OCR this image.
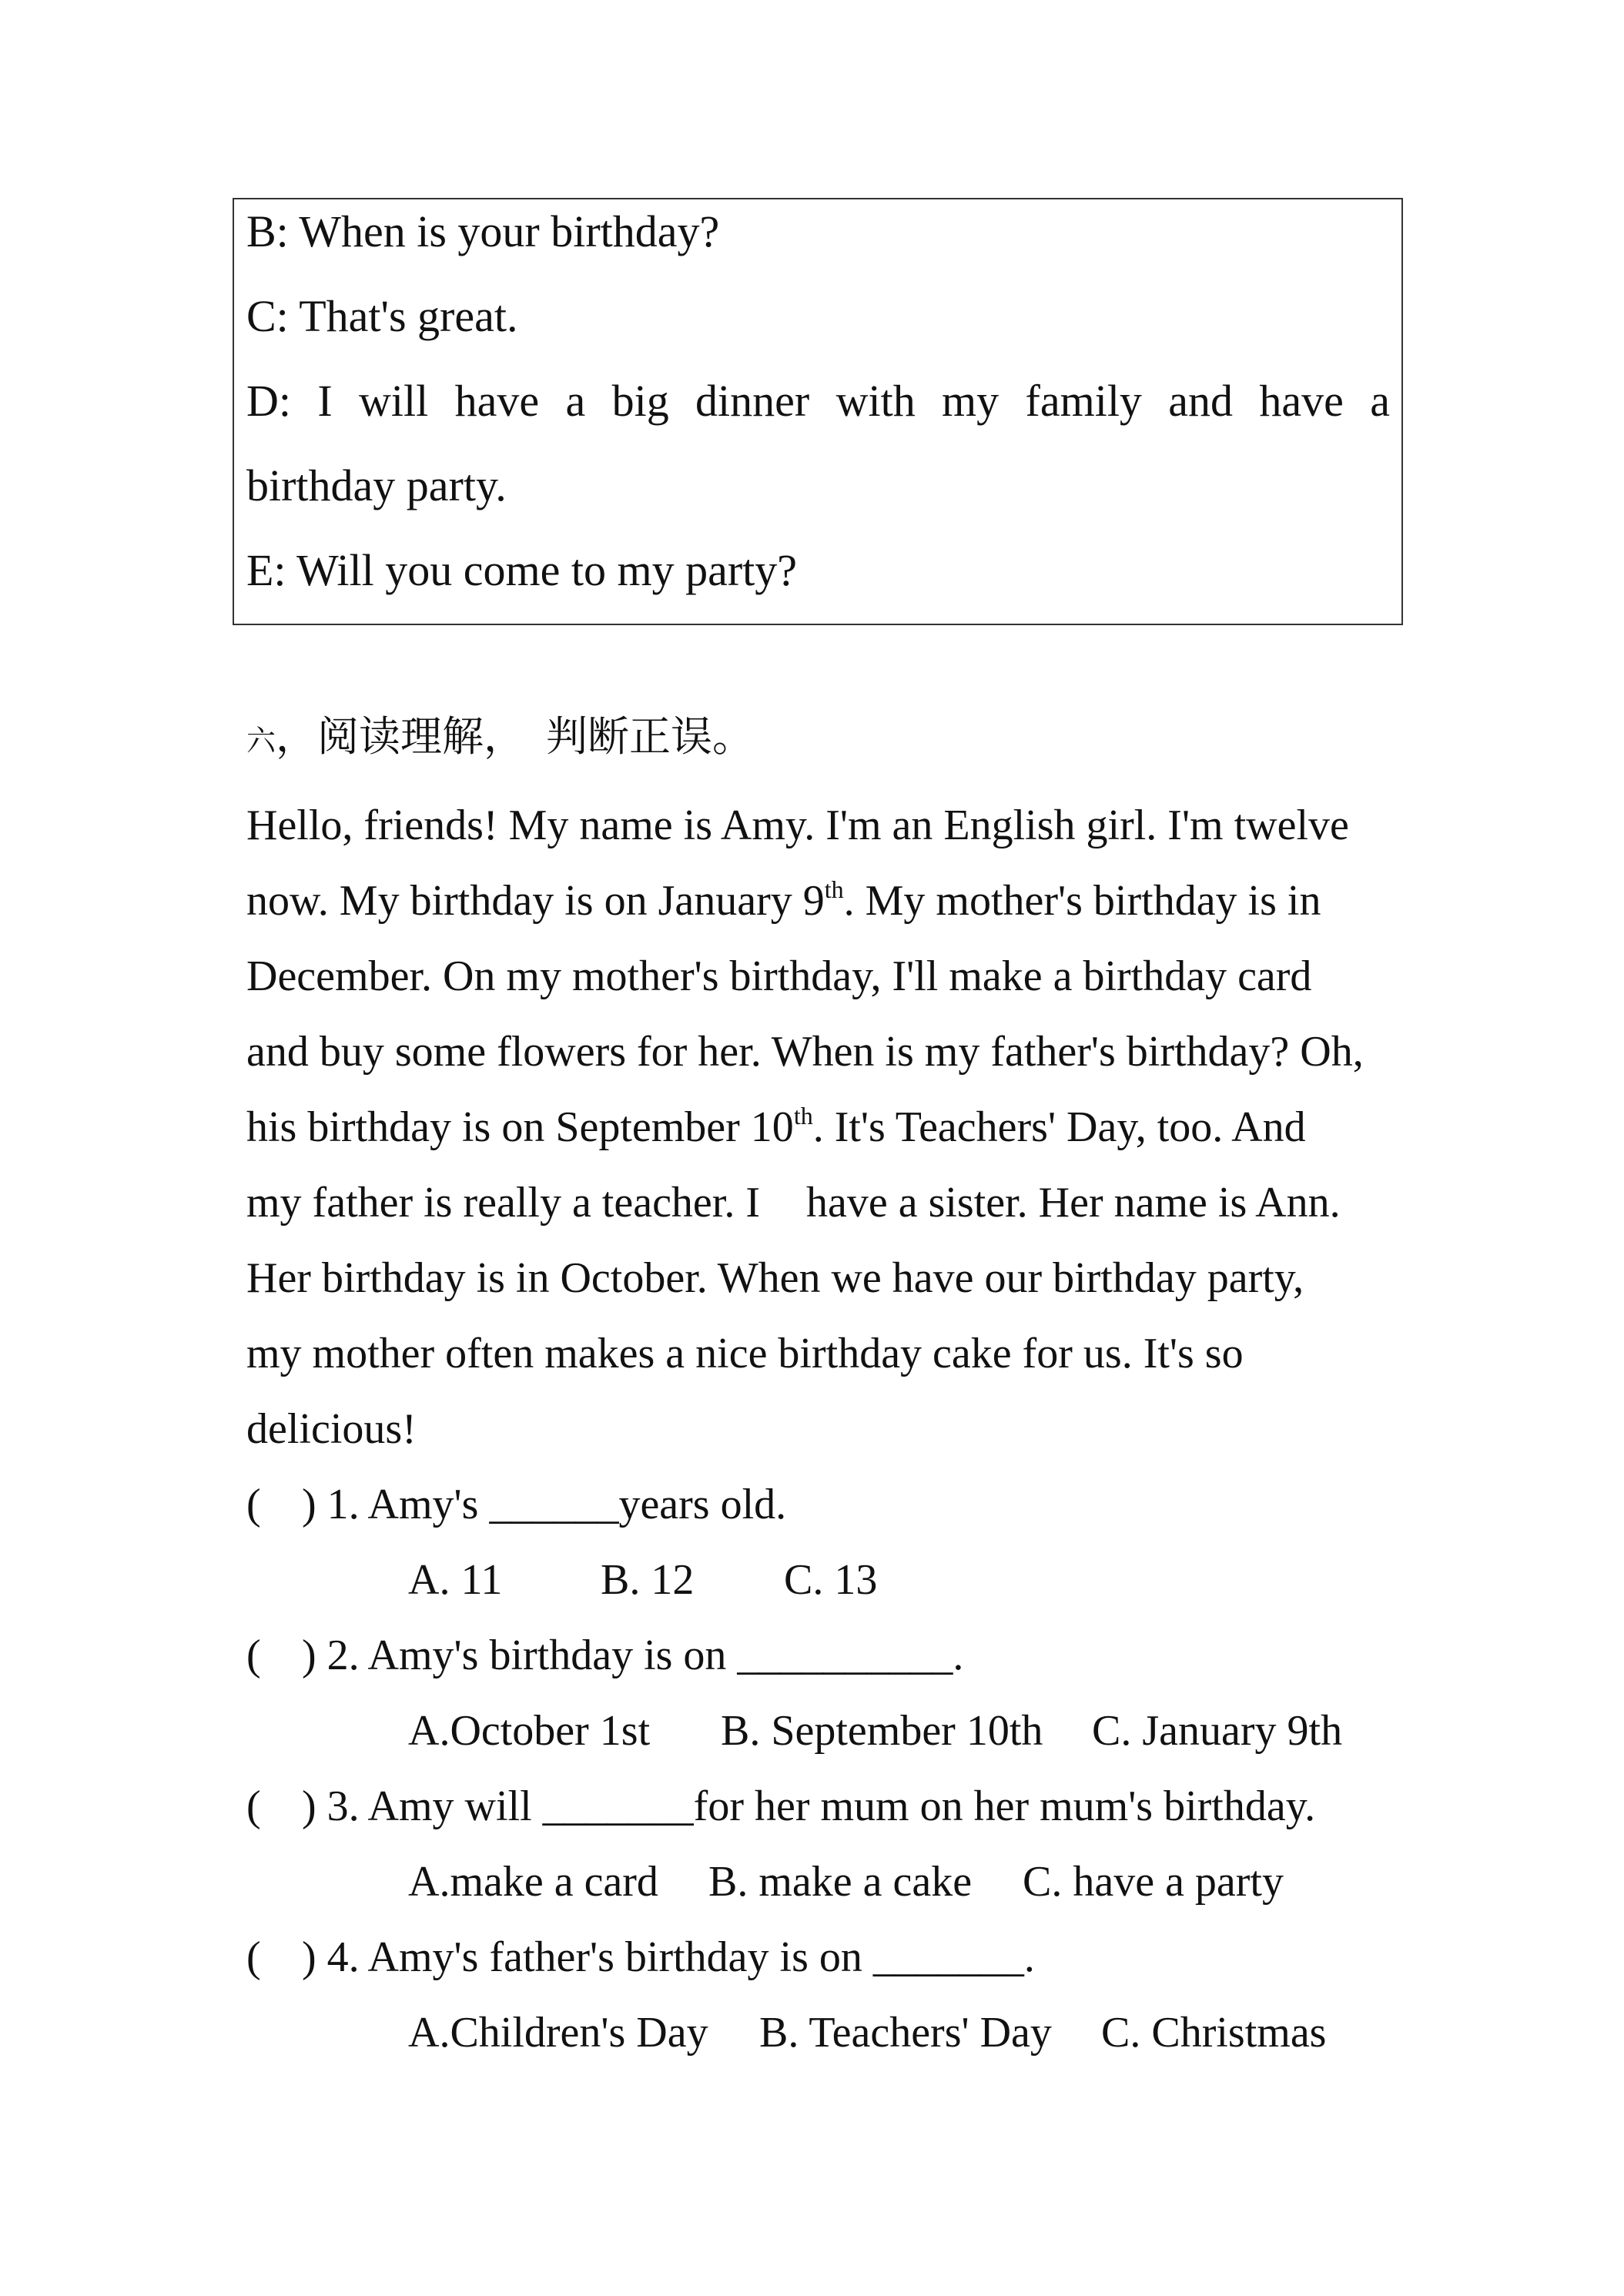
B: When is your birthday?
C: That's great.
D: I will have a big dinner with my family and have a
birthday party.
E: Will you come to my party?
六，阅读理解，　判断正误。
Hello, friends! My name is Amy. I'm an English girl. I'm twelve
now. My birthday is on January 9th. My mother's birthday is in
December. On my mother's birthday, I'll make a birthday card
and buy some flowers for her. When is my father's birthday? Oh,
his birthday is on September 10th. It's Teachers' Day, too. And
my father is really a teacher. I have a sister. Her name is Ann.
Her birthday is in October. When we have our birthday party,
my mother often makes a nice birthday cake for us. It's so
delicious!
( ) 1. Amy's ______years old.
A. 11 B. 12 C. 13
( ) 2. Amy's birthday is on __________.
A.October 1st B. September 10th C. January 9th
( ) 3. Amy will _______for her mum on her mum's birthday.
A.make a card B. make a cake C. have a party
( ) 4. Amy's father's birthday is on _______.
A.Children's Day B. Teachers' Day C. Christmas
